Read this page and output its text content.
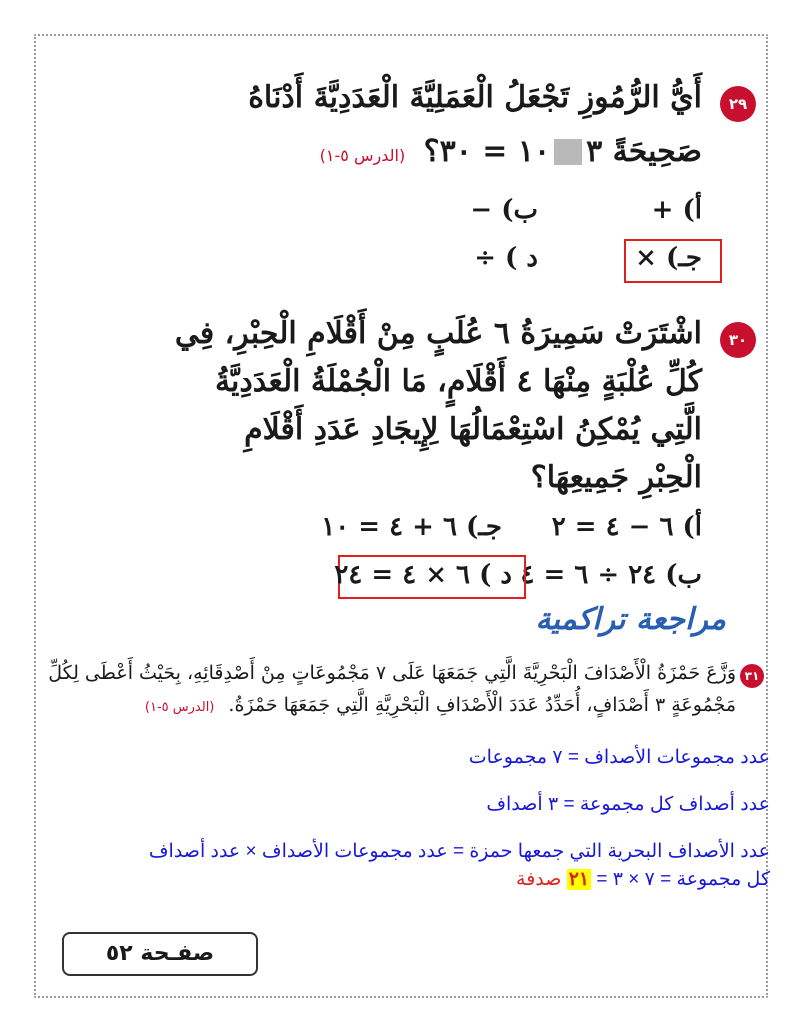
٢٩
أَيُّ الرُّمُوزِ تَجْعَلُ الْعَمَلِيَّةَ الْعَدَدِيَّةَ أَدْنَاهُ
صَحِيحَةً ٣١٠ = ٣٠؟ (الدرس ٥-١)
أ) +
ب) −
جـ) ×
د ) ÷
٣٠
اشْتَرَتْ سَمِيرَةُ ٦ عُلَبٍ مِنْ أَقْلَامِ الْحِبْرِ، فِي
كُلِّ عُلْبَةٍ مِنْهَا ٤ أَقْلَامٍ، مَا الْجُمْلَةُ الْعَدَدِيَّةُ
الَّتِي يُمْكِنُ اسْتِعْمَالُهَا لِإِيجَادِ عَدَدِ أَقْلَامِ
الْحِبْرِ جَمِيعِهَا؟
أ) ٦ − ٤ = ٢
جـ) ٦ + ٤ = ١٠
ب) ٢٤ ÷ ٦ = ٤
د ) ٦ × ٤ = ٢٤
مراجعة تراكمية
٣١
وَزَّعَ حَمْزَةُ الْأَصْدَافَ الْبَحْرِيَّةَ الَّتِي جَمَعَهَا عَلَى ٧ مَجْمُوعَاتٍ مِنْ أَصْدِقَائِهِ، بِحَيْثُ أَعْطَى لِكُلِّ
مَجْمُوعَةٍ ٣ أَصْدَافٍ، أُحَدِّدُ عَدَدَ الْأَصْدَافِ الْبَحْرِيَّةِ الَّتِي جَمَعَهَا حَمْزَةُ. (الدرس ٥-١)
عدد مجموعات الأصداف = ٧ مجموعات
عدد أصداف كل مجموعة = ٣ أصداف
عدد الأصداف البحرية التي جمعها حمزة = عدد مجموعات الأصداف × عدد أصداف
كل مجموعة = ٧ × ٣ = ٢١ صدفة
صفـحة ٥٢
